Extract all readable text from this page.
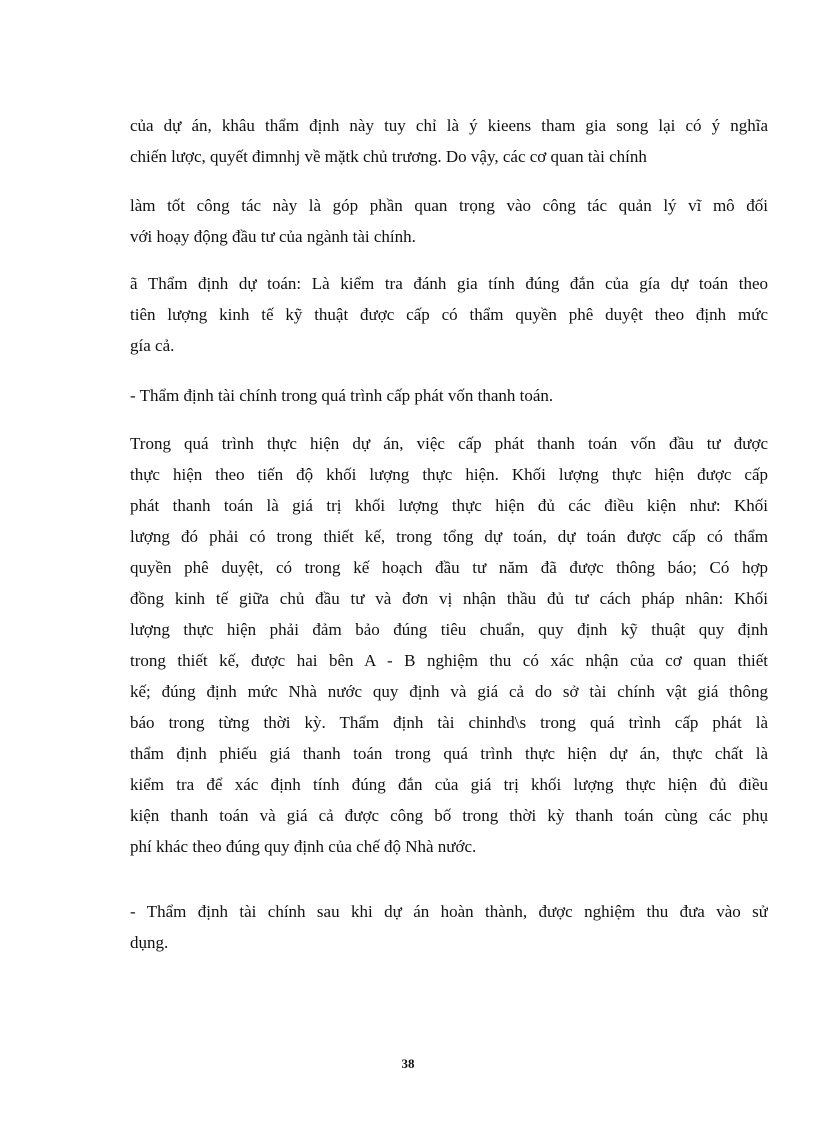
của dự án, khâu thẩm định này tuy chỉ là ý kieens tham gia song lại có ý nghĩa
chiến lược, quyết đimnhj về mặtk chủ trương. Do vậy, các cơ quan tài chính
làm tốt công tác này là góp phần quan trọng vào công tác quản lý vĩ mô đối
với hoạy động đầu tư của ngành tài chính.
ã Thẩm định dự toán: Là kiểm tra đánh gia tính đúng đắn của gía dự toán theo
tiên lượng kinh tế kỹ thuật được cấp có thẩm quyền phê duyệt theo định mức
gía cả.
- Thẩm định tài chính trong quá trình cấp phát vốn thanh toán.
Trong quá trình thực hiện dự án, việc cấp phát thanh toán vốn đầu tư được
thực hiện theo tiến độ khối lượng thực hiện. Khối lượng thực hiện được cấp
phát thanh toán là giá trị khối lượng thực hiện đủ các điều kiện như: Khối
lượng đó phải có trong thiết kế, trong tổng dự toán, dự toán được cấp có thẩm
quyền phê duyệt, có trong kế hoạch đầu tư năm đã được thông báo; Có hợp
đồng kinh tế giữa chủ đầu tư và đơn vị nhận thầu đủ tư cách pháp nhân: Khối
lượng thực hiện phải đảm bảo đúng tiêu chuẩn, quy định kỹ thuật quy định
trong thiết kế, được hai bên A - B nghiệm thu có xác nhận của cơ quan thiết
kế; đúng định mức Nhà nước quy định và giá cả do sở tài chính vật giá thông
báo trong từng thời kỳ. Thẩm định tài chinhd\s trong quá trình cấp phát là
thẩm định phiếu giá thanh toán trong quá trình thực hiện dự án, thực chất là
kiểm tra để xác định tính đúng đắn của giá trị khối lượng thực hiện đủ điều
kiện thanh toán và giá cả được công bố trong thời kỳ thanh toán cùng các phụ
phí khác theo đúng quy định của chế độ Nhà nước.
- Thẩm định tài chính sau khi dự án hoàn thành, được nghiệm thu đưa vào sử
dụng.
38
